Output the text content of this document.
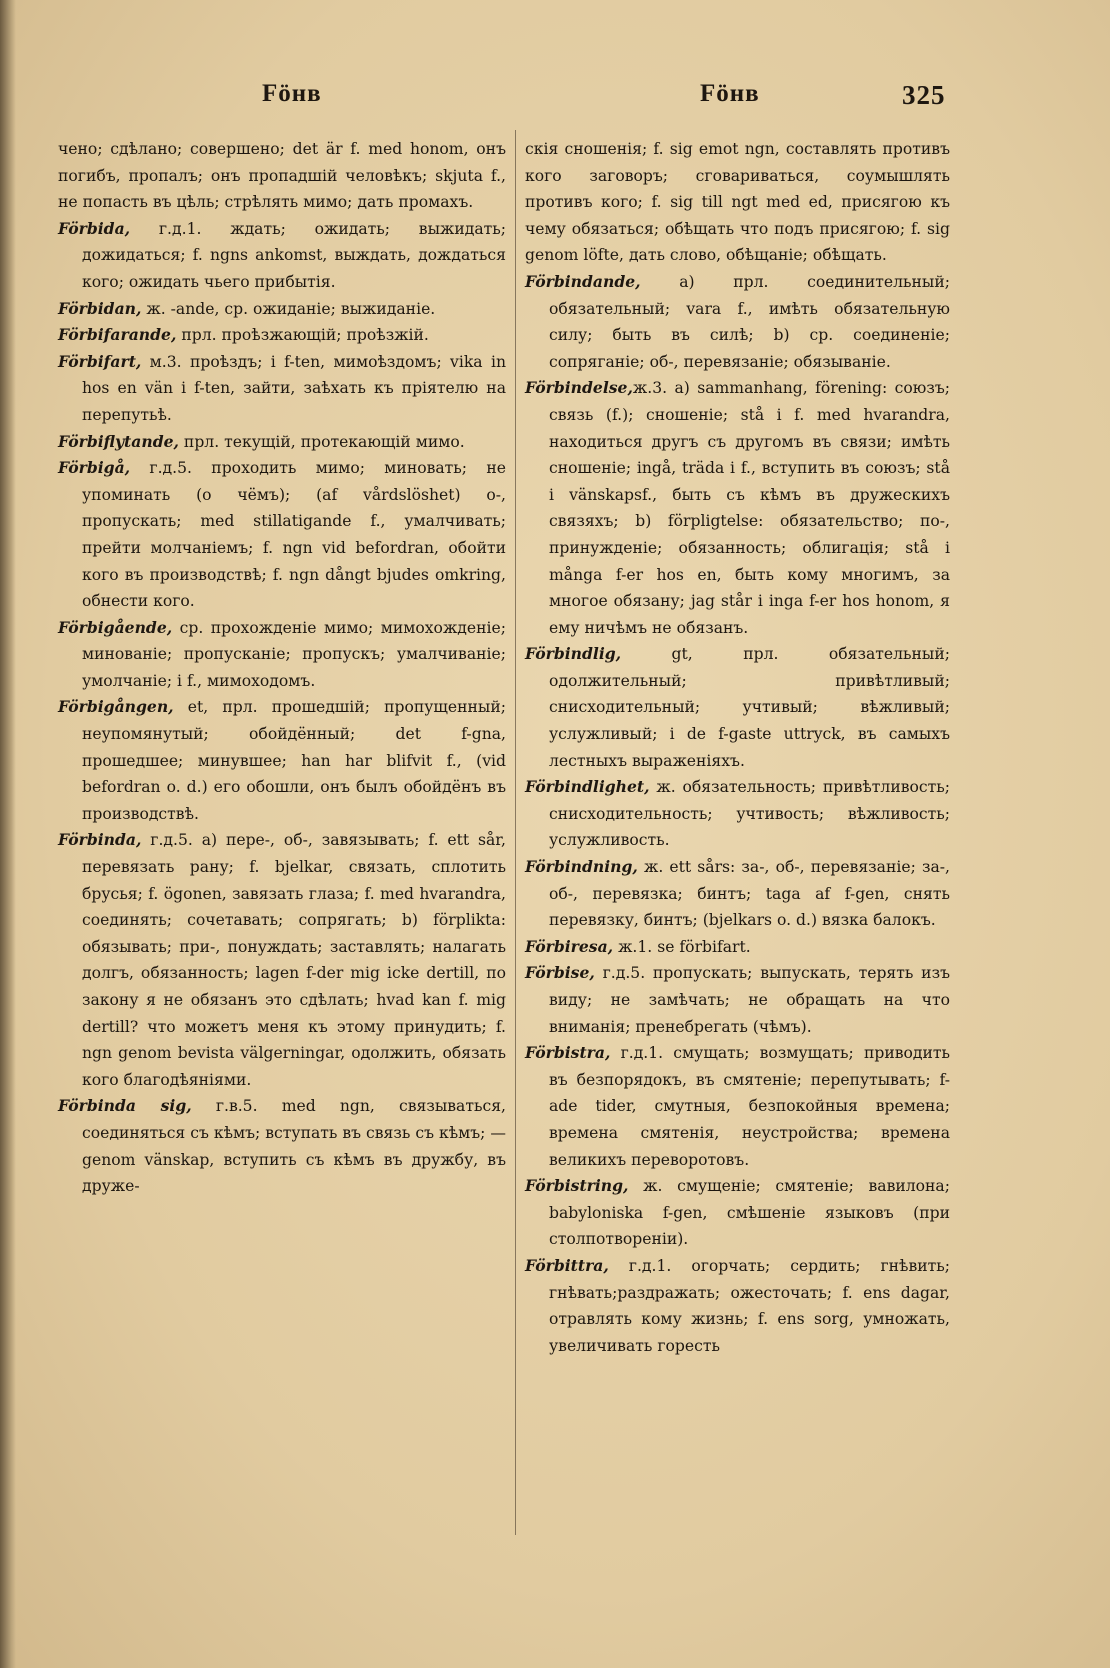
Föнв	Föнв	325

чено; сдѣлано; совершено; det är f. med honom, онъ погибъ, пропалъ; онъ пропадшій человѣкъ; skjuta f., не попасть въ цѣль; стрѣлять мимо; дать промахъ.

Förbida, г.д.1. ждать; ожидать; выжидать; дожидаться; f. ngns ankomst, выждать, дождаться кого; ожидать чьего прибытія.

Förbidan, ж. -ande, ср. ожиданіе; выжиданіе.

Förbifarande, прл. проѣзжающій; проѣзжій.

Förbifart, м.3. проѣздъ; i f-ten, мимоѣздомъ; vika in hos en vän i f-ten, зайти, заѣхать къ пріятелю на перепутьѣ.

Förbiflytande, прл. текущій, протекающій мимо.

Förbigå, г.д.5. проходить мимо; миновать; не упоминать (о чёмъ); (af vårdslöshet) о-, пропускать; med stillatigande f., умалчивать; прейти молчаніемъ; f. ngn vid befordran, обойти кого въ производствѣ; f. ngn dångt bjudes omkring, обнести кого.

Förbigående, ср. прохожденіе мимо; мимохожденіе; минованіе; пропусканіе; пропускъ; умалчиваніе; умолчаніе; i f., мимоходомъ.

Förbigången, et, прл. прошедшій; пропущенный; неупомянутый; обойдённый; det f-gna, прошедшее; минувшее; han har blifvit f., (vid befordran o. d.) его обошли, онъ былъ обойдёнъ въ производствѣ.

Förbinda, г.д.5. a) пере-, об-, завязывать; f. ett sår, перевязать рану; f. bjelkar, связать, сплотить брусья; f. ögonen, завязать глаза; f. med hvarandra, соединять; сочетавать; сопрягать; b) förplikta: обязывать; при-, понуждать; заставлять; налагать долгъ, обязанность; lagen f-der mig icke dertill, по закону я не обязанъ это сдѣлать; hvad kan f. mig dertill? что можетъ меня къ этому принудить; f. ngn genom bevista välgerningar, одолжить, обязать кого благодѣяніями.

Förbinda sig, г.в.5. med ngn, связываться, соединяться съ кѣмъ; вступать въ связь съ кѣмъ; — genom vänskap, вступить съ кѣмъ въ дружбу, въ друже-

скія сношенія; f. sig emot ngn, составлять противъ кого заговоръ; сговариваться, соумышлять противъ кого; f. sig till ngt med ed, присягою къ чему обязаться; обѣщать что подъ присягою; f. sig genom löfte, дать слово, обѣщаніе; обѣщать.

Förbindande, a) прл. соединительный; обязательный; vara f., имѣть обязательную силу; быть въ силѣ; b) ср. соединеніе; сопряганіе; об-, перевязаніе; обязываніе.

Förbindelse,ж.3. a) sammanhang, förening: союзъ; связь (f.); сношеніе; stå i f. med hvarandra, находиться другъ съ другомъ въ связи; имѣть сношеніе; ingå, träda i f., вступить въ союзъ; stå i vänskapsf., быть съ кѣмъ въ дружескихъ связяхъ; b) förpligtelse: обязательство; по-, принужденіе; обязанность; облигація; stå i många f-er hos en, быть кому многимъ, за многое обязану; jag står i inga f-er hos honom, я ему ничѣмъ не обязанъ.

Förbindlig, gt, прл. обязательный; одолжительный; привѣтливый; снисходительный; учтивый; вѣжливый; услужливый; i de f-gaste uttryck, въ самыхъ лестныхъ выраженіяхъ.

Förbindlighet, ж. обязательность; привѣтливость; снисходительность; учтивость; вѣжливость; услужливость.

Förbindning, ж. ett sårs: за-, об-, перевязаніе; за-, об-, перевязка; бинтъ; taga af f-gen, снять перевязку, бинтъ; (bjelkars o. d.) вязка балокъ.

Förbiresa, ж.1. se förbifart.

Förbise, г.д.5. пропускать; выпускать, терять изъ виду; не замѣчать; не обращать на что вниманія; пренебрегать (чѣмъ).

Förbistra, г.д.1. смущать; возмущать; приводить въ безпорядокъ, въ смятеніе; перепутывать; f-ade tider, смутныя, безпокойныя времена; времена смятенія, неустройства; времена великихъ переворотовъ.

Förbistring, ж. смущеніе; смятеніе; вавилона; babyloniska f-gen, смѣшеніе языковъ (при столпотвореніи).

Förbittra, г.д.1. огорчать; сердить; гнѣвить; гнѣвать;раздражать; ожесточать; f. ens dagar, отравлять кому жизнь; f. ens sorg, умножать, увеличивать горесть
